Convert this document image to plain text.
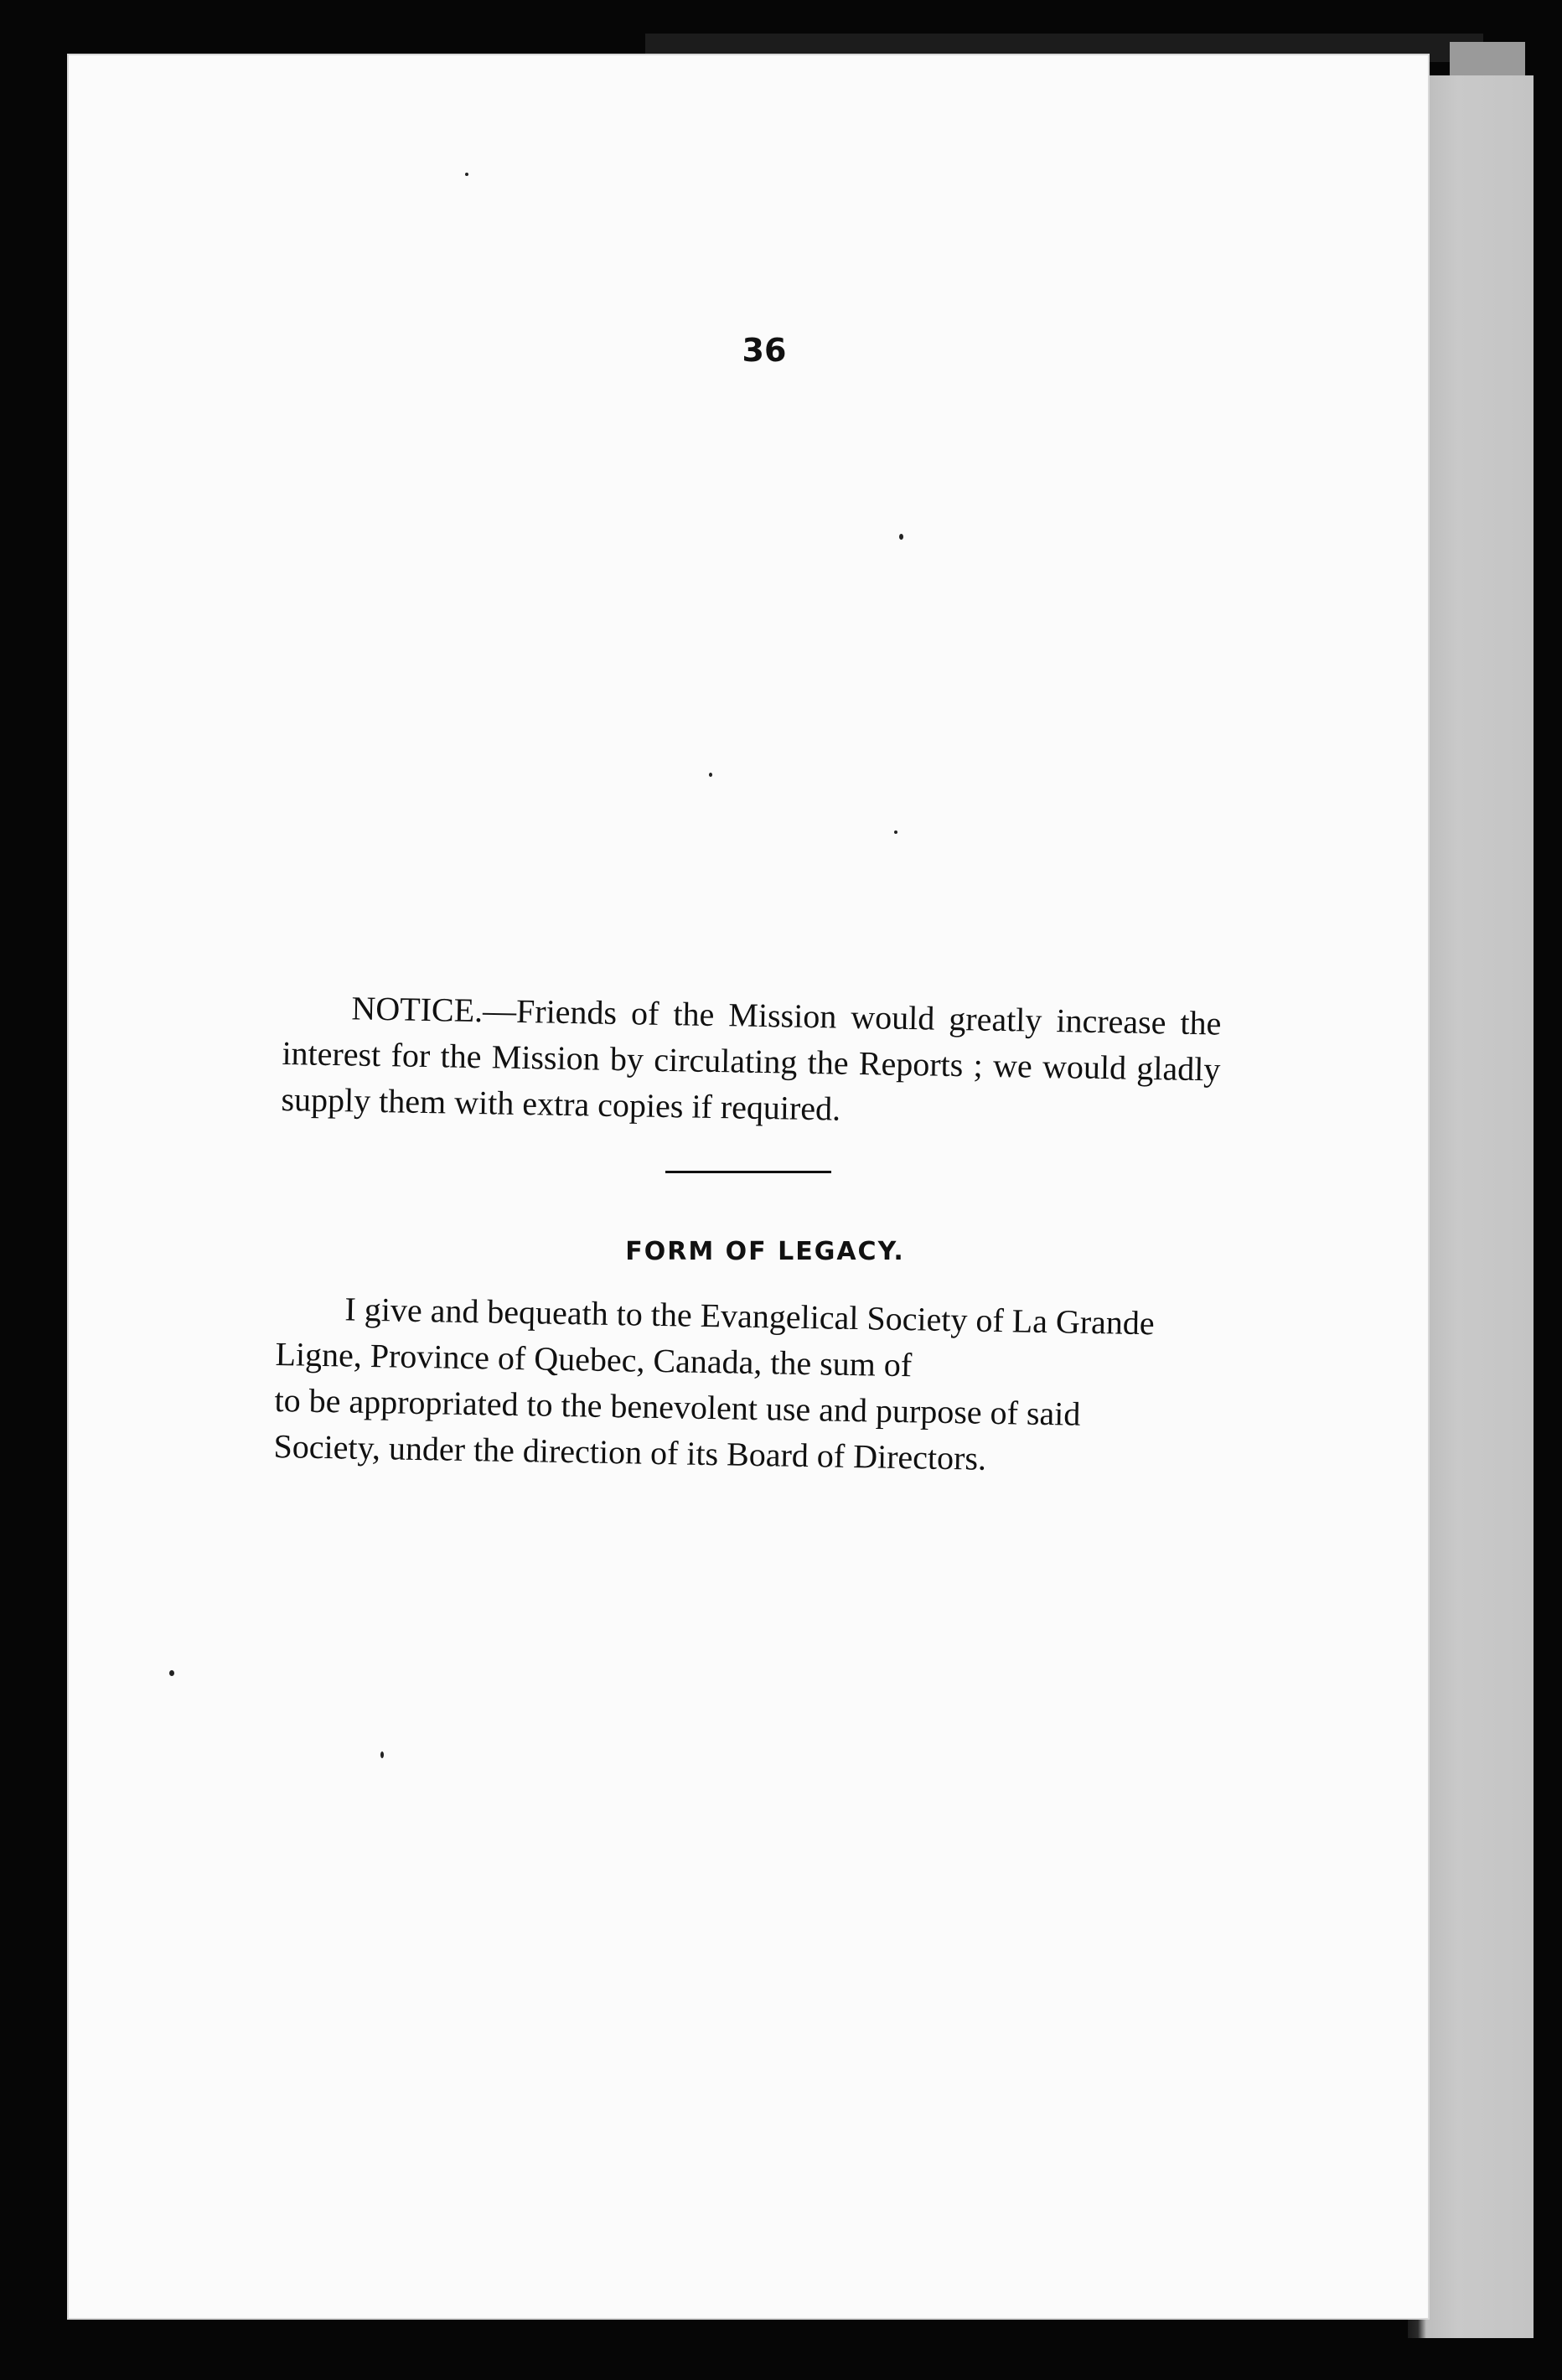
36

NOTICE.—Friends of the Mission would greatly increase the interest for the Mission by circulating the Reports ; we would gladly supply them with extra copies if required.

FORM OF LEGACY.
I give and bequeath to the Evangelical Society of La Grande
Ligne, Province of Quebec, Canada, the sum of
to be appropriated to the benevolent use and purpose of said
Society, under the direction of its Board of Directors.
